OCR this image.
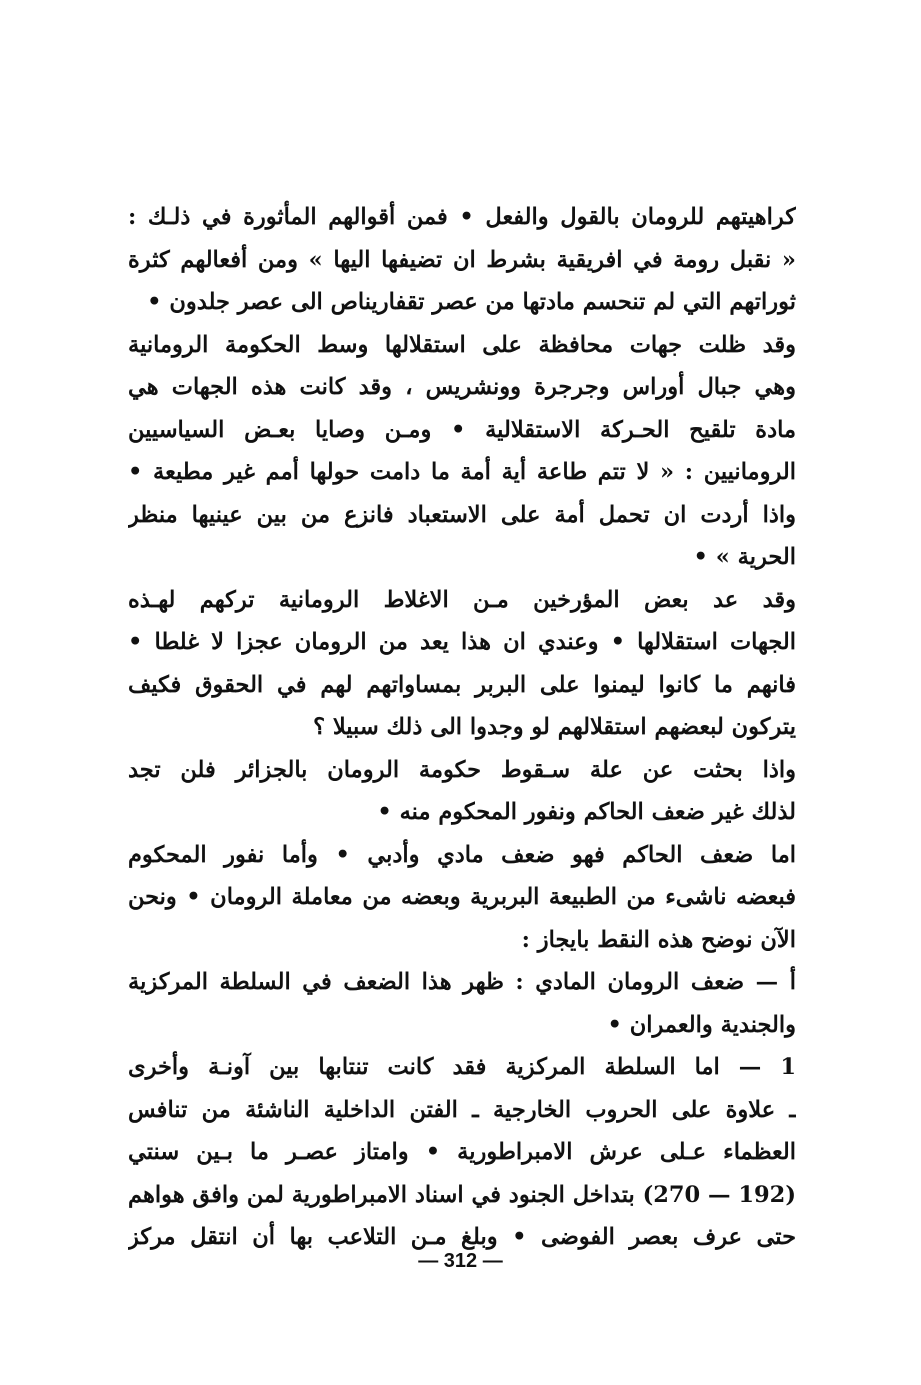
كراهيتهم للرومان بالقول والفعل • فمن أقوالهم المأثورة في ذلـك :
« نقبل رومة في افريقية بشرط ان تضيفها اليها » ومن أفعالهم كثرة
ثوراتهم التي لم تنحسم مادتها من عصر تقفاريناص الى عصر جلدون •
وقد ظلت جهات محافظة على استقلالها وسط الحكومة الرومانية
وهي جبال أوراس وجرجرة وونشريس ، وقد كانت هذه الجهات هي
مادة تلقيح الحـركة الاستقلالية • ومـن وصايا بعـض السياسيين
الرومانيين : « لا تتم طاعة أية أمة ما دامت حولها أمم غير مطيعة •
واذا أردت ان تحمل أمة على الاستعباد فانزع من بين عينيها منظر
الحرية » •
وقد عد بعض المؤرخين مـن الاغلاط الرومانية تركهم لهـذه
الجهات استقلالها • وعندي ان هذا يعد من الرومان عجزا لا غلطا •
فانهم ما كانوا ليمنوا على البربر بمساواتهم لهم في الحقوق فكيف
يتركون لبعضهم استقلالهم لو وجدوا الى ذلك سبيلا ؟
واذا بحثت عن علة سـقوط حكومة الرومان بالجزائر فلن تجد
لذلك غير ضعف الحاكم ونفور المحكوم منه •
اما ضعف الحاكم فهو ضعف مادي وأدبي • وأما نفور المحكوم
فبعضه ناشىء من الطبيعة البربرية وبعضه من معاملة الرومان • ونحن
الآن نوضح هذه النقط بايجاز :
أ — ضعف الرومان المادي : ظهر هذا الضعف في السلطة المركزية
والجندية والعمران •
1 — اما السلطة المركزية فقد كانت تنتابها بين آونـة وأخرى
ـ علاوة على الحروب الخارجية ـ الفتن الداخلية الناشئة من تنافس
العظماء عـلى عرش الامبراطورية • وامتاز عصـر ما بـين سنتي
(192 — 270) بتداخل الجنود في اسناد الامبراطورية لمن وافق هواهم
حتى عرف بعصر الفوضى • وبلغ مـن التلاعب بها أن انتقل مركز
— 312 —
